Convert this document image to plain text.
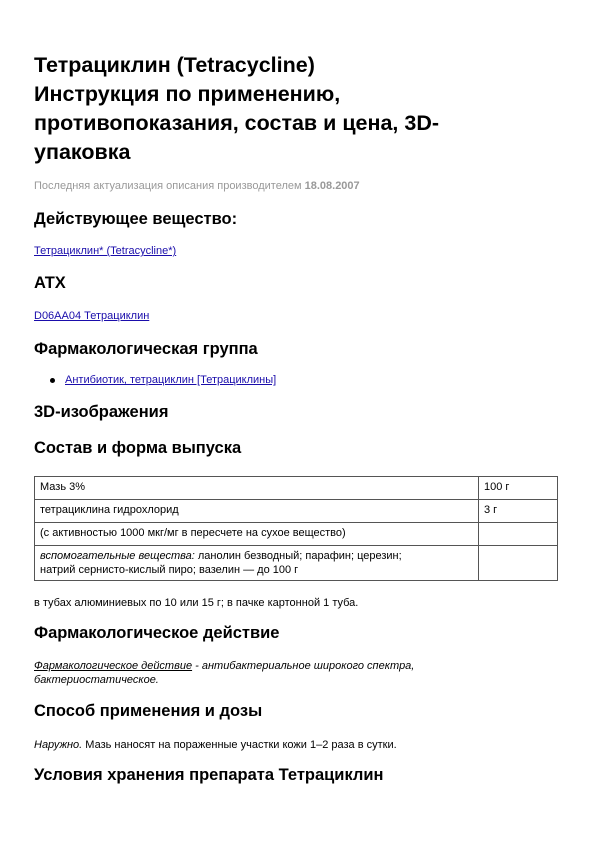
Тетрациклин (Tetracycline)
Инструкция по применению,
противопоказания, состав и цена, 3D-
упаковка
Последняя актуализация описания производителем 18.08.2007
Действующее вещество:
Тетрациклин* (Tetracycline*)
ATX
D06AA04 Тетрациклин
Фармакологическая группа
Антибиотик, тетрациклин [Тетрациклины]
3D-изображения
Состав и форма выпуска
Мазь 3%	100 г
тетрациклина гидрохлорид	3 г
(с активностью 1000 мкг/мг в пересчете на сухое вещество)	
вспомогательные вещества: ланолин безводный; парафин; церезин;
натрий сернисто-кислый пиро; вазелин — до 100 г	
в тубах алюминиевых по 10 или 15 г; в пачке картонной 1 туба.
Фармакологическое действие
Фармакологическое действие - антибактериальное широкого спектра,
бактериостатическое.
Способ применения и дозы
Наружно. Мазь наносят на пораженные участки кожи 1–2 раза в сутки.
Условия хранения препарата Тетрациклин
